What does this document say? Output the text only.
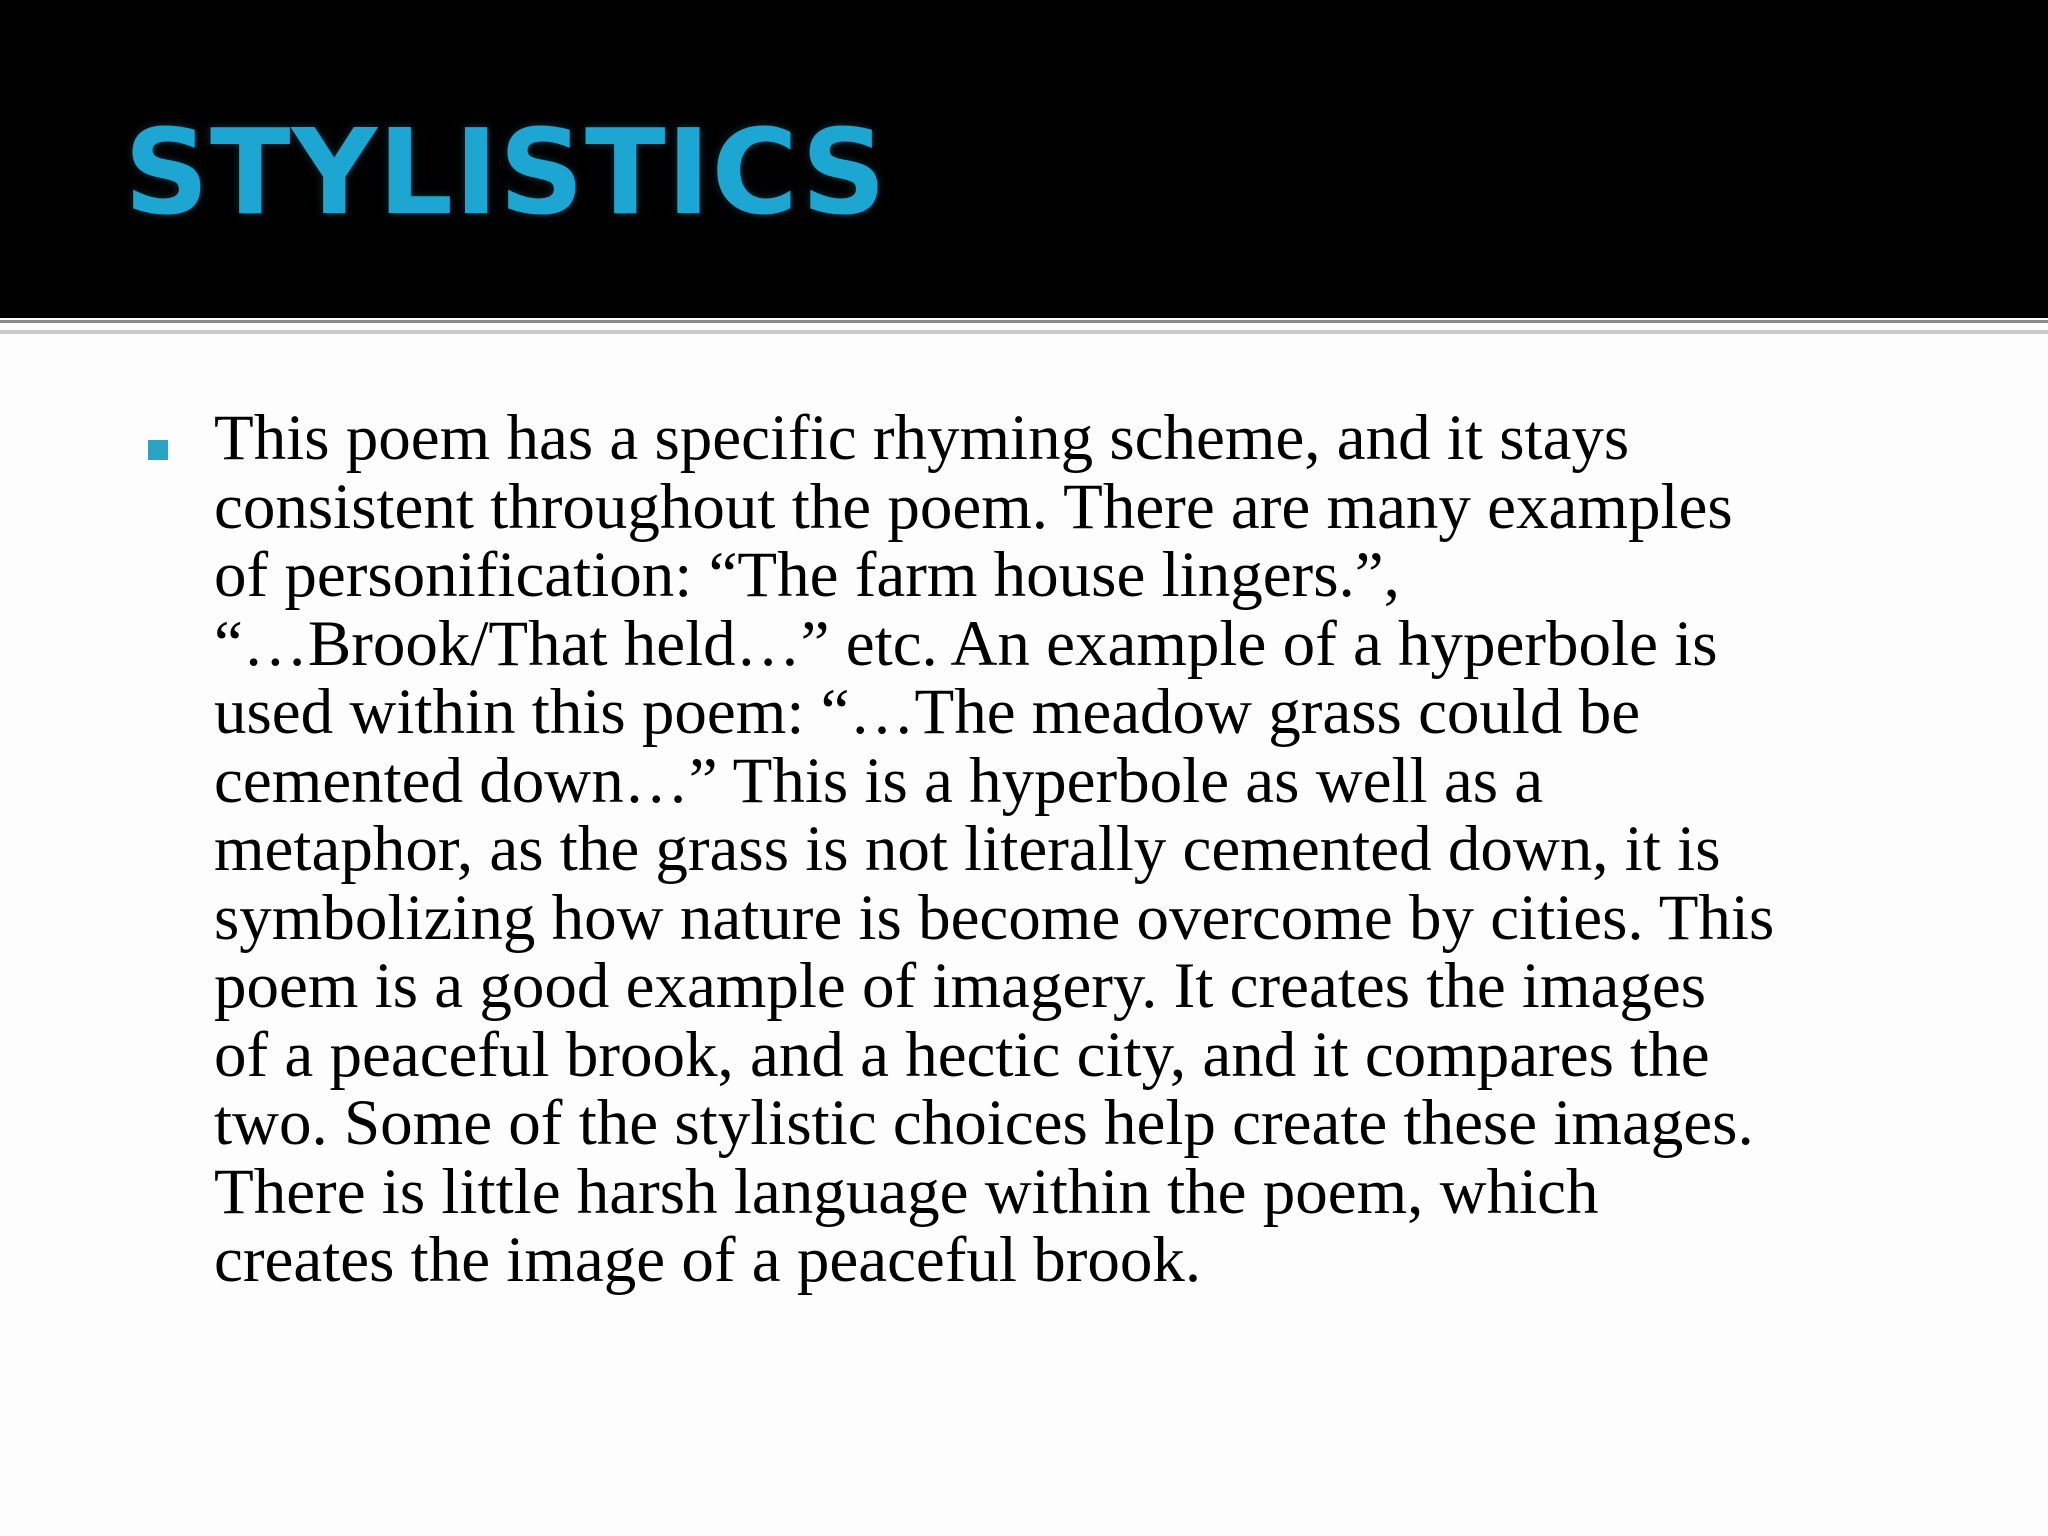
STYLISTICS

This poem has a specific rhyming scheme, and it stays
consistent throughout the poem. There are many examples
of personification: “The farm house lingers.”,
“…Brook/That held…” etc. An example of a hyperbole is
used within this poem: “…The meadow grass could be
cemented down…” This is a hyperbole as well as a
metaphor, as the grass is not literally cemented down, it is
symbolizing how nature is become overcome by cities. This
poem is a good example of imagery. It creates the images
of a peaceful brook, and a hectic city, and it compares the
two. Some of the stylistic choices help create these images.
There is little harsh language within the poem, which
creates the image of a peaceful brook.
